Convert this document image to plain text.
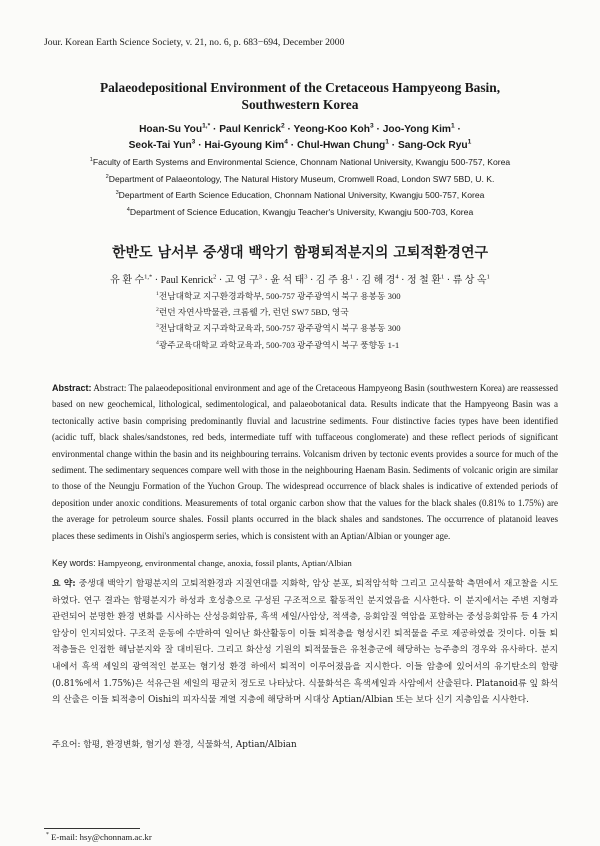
Jour. Korean Earth Science Society, v. 21, no. 6, p. 683−694, December 2000
Palaeodepositional Environment of the Cretaceous Hampyeong Basin,
Southwestern Korea
Hoan-Su You$^{1,*}$ · Paul Kenrick$^2$ · Yeong-Koo Koh$^3$ · Joo-Yong Kim$^1$ ·
Seok-Tai Yun$^3$ · Hai-Gyoung Kim$^4$ · Chul-Hwan Chung$^1$ · Sang-Ock Ryu$^1$
$^1$Faculty of Earth Systems and Environmental Science, Chonnam National University, Kwangju 500-757, Korea
$^2$Department of Palaeontology, The Natural History Museum, Cromwell Road, London SW7 5BD, U. K.
$^3$Department of Earth Science Education, Chonnam National University, Kwangju 500-757, Korea
$^4$Department of Science Education, Kwangju Teacher's University, Kwangju 500-703, Korea
한반도 남서부 중생대 백악기 함평퇴적분지의 고퇴적환경연구
유 환 수$^{1,*}$ · Paul Kenrick$^2$ · 고 영 구$^3$ · 윤 석 태$^3$ · 김 주 용$^1$ · 김 해 경$^4$ · 정 철 환$^1$ · 류 상 옥$^1$
$^1$전남대학교 지구환경과학부, 500-757 광주광역시 북구 용봉동 300
$^2$런던 자연사박물관, 크롬웰 가, 런던 SW7 5BD, 영국
$^3$전남대학교 지구과학교육과, 500-757 광주광역시 북구 용봉동 300
$^4$광주교육대학교 과학교육과, 500-703 광주광역시 북구 풍향동 1-1
Abstract: Abstract: The palaeodepositional environment and age of the Cretaceous Hampyeong Basin (southwestern Korea) are reassessed based on new geochemical, lithological, sedimentological, and palaeobotanical data. Results indicate that the Hampyeong Basin was a tectonically active basin comprising predominantly fluvial and lacustrine sediments. Four distinctive facies types have been identified (acidic tuff, black shales/sandstones, red beds, intermediate tuff with tuffaceous conglomerate) and these reflect periods of significant environmental change within the basin and its neighbouring terrains. Volcanism driven by tectonic events provides a source for much of the sediment. The sedimentary sequences compare well with those in the neighbouring Haenam Basin. Sediments of volcanic origin are similar to those of the Neungju Formation of the Yuchon Group. The widespread occurrence of black shales is indicative of extended periods of deposition under anoxic conditions. Measurements of total organic carbon show that the values for the black shales (0.81% to 1.75%) are the average for petroleum source shales. Fossil plants occurred in the black shales and sandstones. The occurrence of platanoid leaves places these sediments in Oishi's angiosperm series, which is consistent with an Aptian/Albian or younger age.
Key words: Hampyeong, environmental change, anoxia, fossil plants, Aptian/Albian
요 약: 중생대 백악기 함평분지의 고퇴적환경과 지질연대를 지화학, 암상 분포, 퇴적암석학 그리고 고식물학 측면에서 재고찰을 시도하였다. 연구 결과는 함평분지가 하성과 호성층으로 구성된 구조적으로 활동적인 분지였음을 시사한다. 이 분지에서는 주변 지형과 관련되어 분명한 환경 변화를 시사하는 산성응회암류, 흑색 셰일/사암상, 적색층, 응회암질 역암을 포함하는 중성응회암류 등 4 가지 암상이 인지되었다. 구조적 운동에 수반하여 일어난 화산활동이 이들 퇴적층을 형성시킨 퇴적물을 주로 제공하였을 것이다. 이들 퇴적층들은 인접한 해남분지와 잘 대비된다. 그리고 화산성 기원의 퇴적물들은 유천층군에 해당하는 능주층의 경우와 유사하다. 분지 내에서 흑색 셰일의 광역적인 분포는 혐기성 환경 하에서 퇴적이 이루어졌음을 지시한다. 이들 암층에 있어서의 유기탄소의 함량(0.81%에서 1.75%)은 석유근원 셰일의 평균치 정도로 나타났다. 식물화석은 흑색셰일과 사암에서 산출된다. Platanoid류 잎 화석의 산출은 이들 퇴적층이 Oishi의 피자식물 계열 지층에 해당하며 시대상 Aptian/Albian 또는 보다 신기 지층임을 시사한다.
주요어: 함평, 환경변화, 혐기성 환경, 식물화석, Aptian/Albian
* E-mail: hsy@chonnam.ac.kr
